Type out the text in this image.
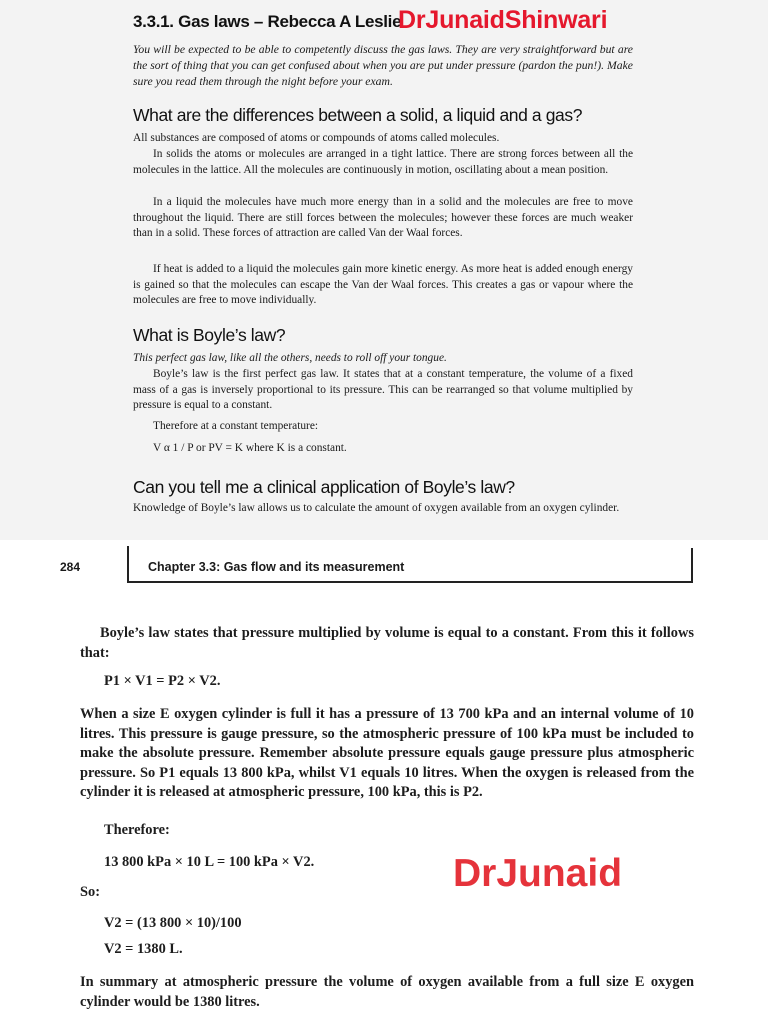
3.3.1. Gas laws – Rebecca A Leslie
DrJunaidShinwari
You will be expected to be able to competently discuss the gas laws. They are very straightforward but are the sort of thing that you can get confused about when you are put under pressure (pardon the pun!). Make sure you read them through the night before your exam.
What are the differences between a solid, a liquid and a gas?
All substances are composed of atoms or compounds of atoms called molecules.
In solids the atoms or molecules are arranged in a tight lattice. There are strong forces between all the molecules in the lattice. All the molecules are continuously in motion, oscillating about a mean position.
In a liquid the molecules have much more energy than in a solid and the molecules are free to move throughout the liquid. There are still forces between the molecules; however these forces are much weaker than in a solid. These forces of attraction are called Van der Waal forces.
If heat is added to a liquid the molecules gain more kinetic energy. As more heat is added enough energy is gained so that the molecules can escape the Van der Waal forces. This creates a gas or vapour where the molecules are free to move individually.
What is Boyle’s law?
This perfect gas law, like all the others, needs to roll off your tongue.
Boyle’s law is the first perfect gas law. It states that at a constant temperature, the volume of a fixed mass of a gas is inversely proportional to its pressure. This can be rearranged so that volume multiplied by pressure is equal to a constant.
Therefore at a constant temperature:
V α 1 / P or PV = K where K is a constant.
Can you tell me a clinical application of Boyle’s law?
Knowledge of Boyle’s law allows us to calculate the amount of oxygen available from an oxygen cylinder.
284	Chapter 3.3: Gas flow and its measurement
Boyle’s law states that pressure multiplied by volume is equal to a constant. From this it follows that:
P1 × V1 = P2 × V2.
When a size E oxygen cylinder is full it has a pressure of 13 700 kPa and an internal volume of 10 litres. This pressure is gauge pressure, so the atmospheric pressure of 100 kPa must be included to make the absolute pressure. Remember absolute pressure equals gauge pressure plus atmospheric pressure. So P1 equals 13 800 kPa, whilst V1 equals 10 litres. When the oxygen is released from the cylinder it is released at atmospheric pressure, 100 kPa, this is P2.
Therefore:
13 800 kPa × 10 L = 100 kPa × V2.
So:
V2 = (13 800 × 10)/100
V2 = 1380 L.
In summary at atmospheric pressure the volume of oxygen available from a full size E oxygen cylinder would be 1380 litres.
DrJunaid
